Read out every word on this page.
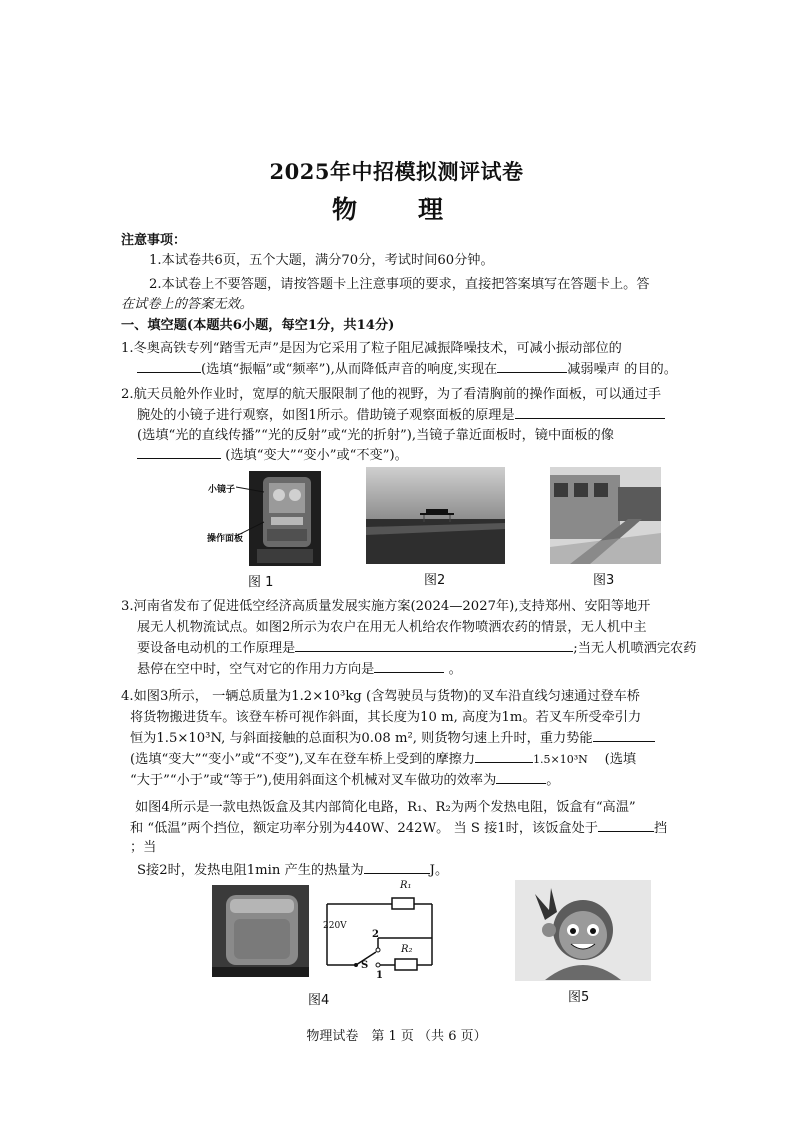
2025年中招模拟测评试卷
物　理
注意事项：
1.本试卷共6页，五个大题，满分70分，考试时间60分钟。
2.本试卷上不要答题，请按答题卡上注意事项的要求，直接把答案填写在答题卡上。答
在试卷上的答案无效。
一、填空题(本题共6小题，每空1分，共14分)
1.冬奥高铁专列“踏雪无声”是因为它采用了粒子阻尼减振降噪技术，可减小振动部位的
(选填“振幅”或“频率”),从而降低声音的响度,实现在	减弱噪声 的目的。
2.航天员舱外作业时，宽厚的航天服限制了他的视野，为了看清胸前的操作面板，可以通过手
腕处的小镜子进行观察，如图1所示。借助镜子观察面板的原理是
(选填“光的直线传播”“光的反射”或“光的折射”),当镜子靠近面板时，镜中面板的像
(选填“变大”“变小”或“不变”)。
小镜子
操作面板
图 1	图2	图3
3.河南省发布了促进低空经济高质量发展实施方案(2024—2027年),支持郑州、安阳等地开
展无人机物流试点。如图2所示为农户在用无人机给农作物喷洒农药的情景，无人机中主
要设备电动机的工作原理是	;当无人机喷洒完农药
悬停在空中时，空气对它的作用力方向是	。
4.如图3所示， 一辆总质量为1.2×10³kg (含驾驶员与货物)的叉车沿直线匀速通过登车桥
将货物搬进货车。该登车桥可视作斜面，其长度为10 m, 高度为1m。若叉车所受牵引力
恒为1.5×10³N, 与斜面接触的总面积为0.08 m², 则货物匀速上升时，重力势能
(选填“变大”“变小”或“不变”),叉车在登车桥上受到的摩擦力	1.5×10³N (选填
“大于”“小于”或“等于”),使用斜面这个机械对叉车做功的效率为	。
如图4所示是一款电热饭盒及其内部简化电路，R₁、R₂为两个发热电阻，饭盒有“高温”
和 “低温”两个挡位，额定功率分别为440W、242W。 当 S 接1时，该饭盒处于	挡
；当
S接2时，发热电阻1min 产生的热量为	J。
220V
R₁
R₂
S
2
1
图4	图5
物理试卷　第 1 页 （共 6 页）
